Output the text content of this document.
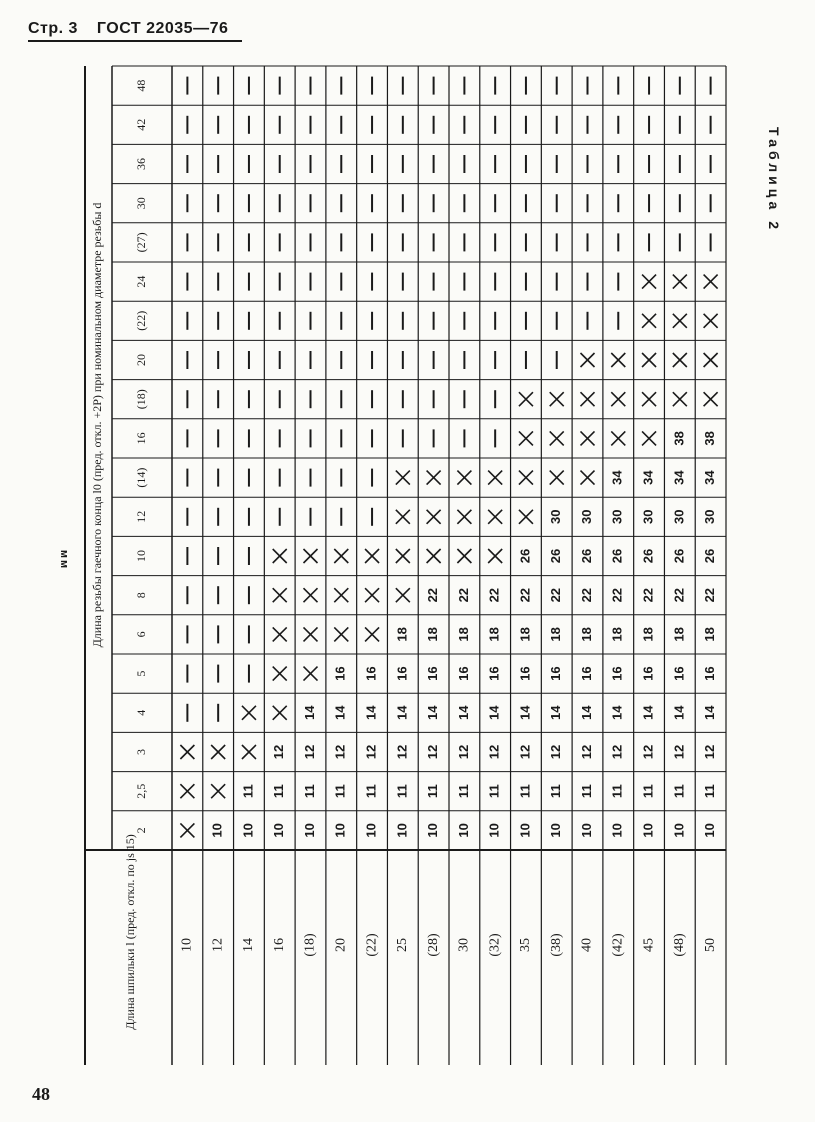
Стр. 3 ГОСТ 22035—76
Таблица 2
мм
Длина шпильки l (пред. откл. по js 15)
Длина резьбы гаечного конца l0 (пред. откл. +2P) при номинальном диаметре резьбы d
2
2,5
3
4
5
6
8
10
12
(14)
16
(18)
20
(22)
24
(27)
30
36
42
48
10 12 14 16 (18) 20 (22) 25 (28) 30 (32) 35 (38) 40 (42) 45 (48) 50
10 10
11
10
11
12
10
11
12
14
10
11
12
14
16
10
11
12
14
16
10
11
12
14
16
18
10
11
12
14
16
18
22
10
11
12
14
16
18
22
10
11
12
14
16
18
22
10
11
12
14
16
18
22
26
10
11
12
14
16
18
22
26
30
10
11
12
14
16
18
22
26
30
10
11
12
14
16
18
22
26
30
34
10
11
12
14
16
18
22
26
30
34
10
11
12
14
16
18
22
26
30
34
38
10
11
12
14
16
18
22
26
30
34
38
48
